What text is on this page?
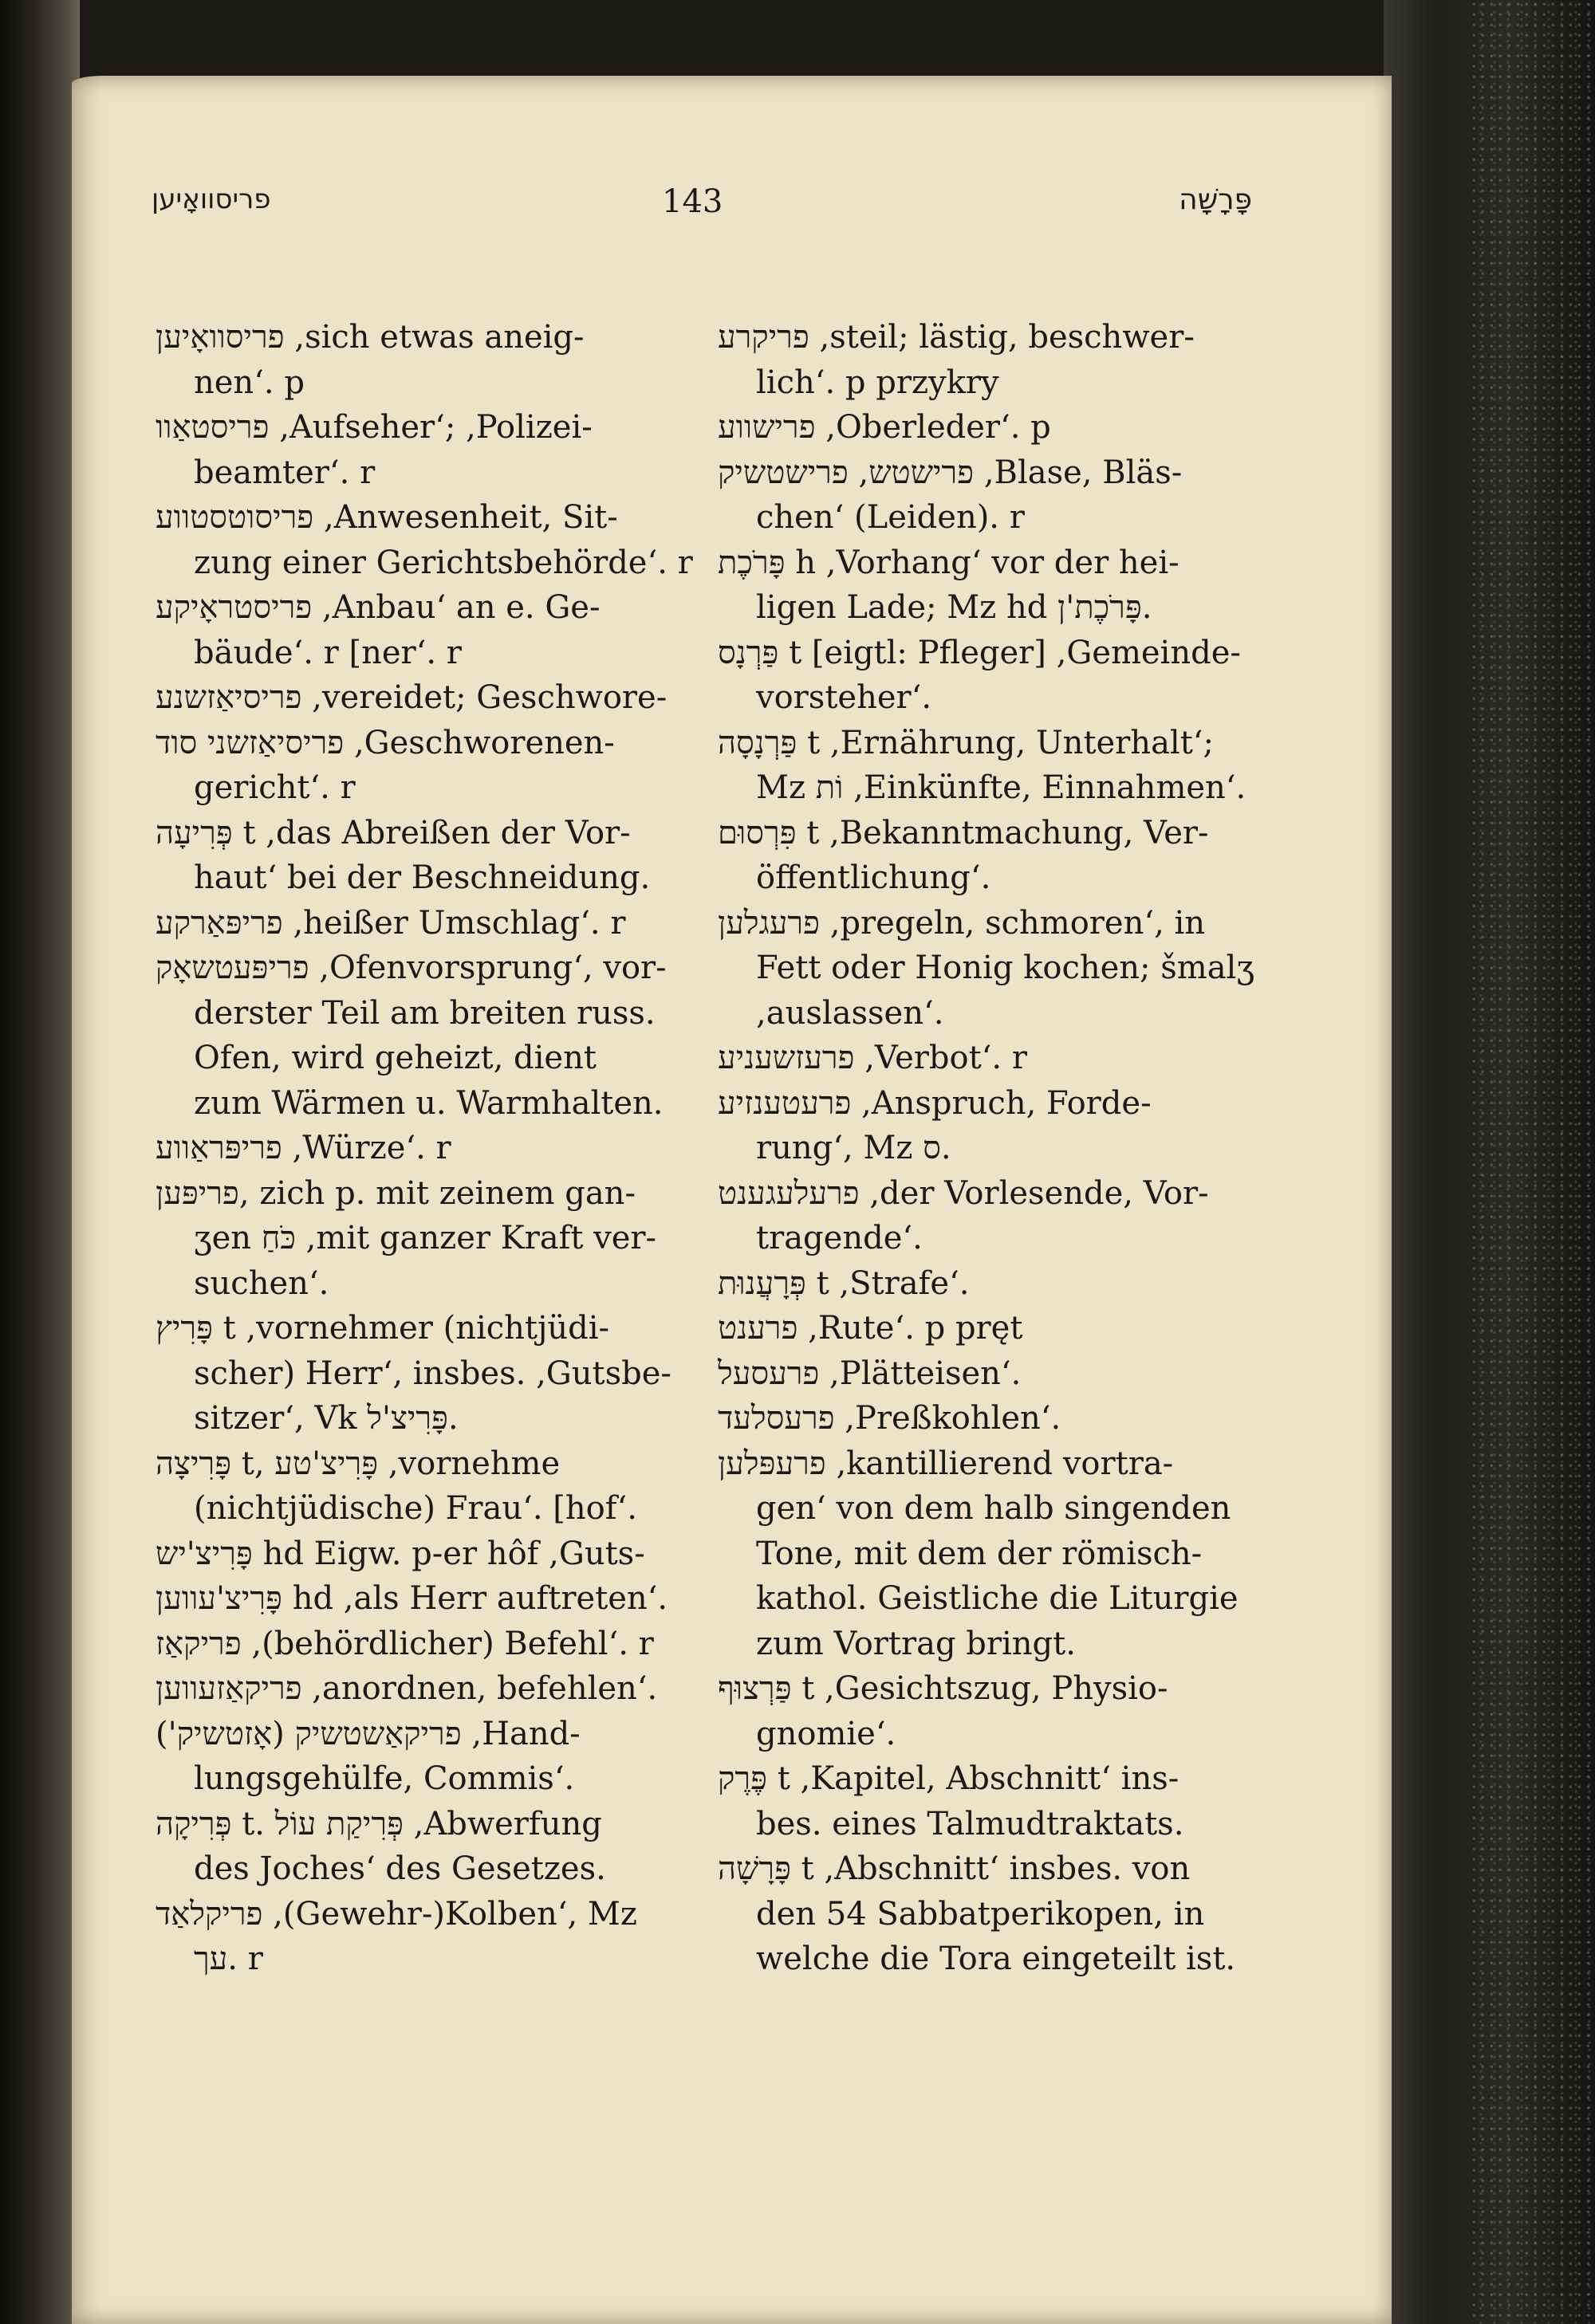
פריסוואָיען	143	פָּרָשָׁה
פריסוואָיען ,sich etwas aneig-
nen‘. p
פריסטאַוו ,Aufseher‘; ,Polizei-
beamter‘. r
פריסוטסטווע ,Anwesenheit, Sit-
zung einer Gerichtsbehörde‘. r
פריסטראָיקע ,Anbau‘ an e. Ge-
bäude‘. r [ner‘. r
פריסיאַזשנע ,vereidet; Geschwore-
פריסיאַזשני סוד ,Geschworenen-
gericht‘. r
פְּרִיעָה t ,das Abreißen der Vor-
haut‘ bei der Beschneidung.
פריפּאַרקע ,heißer Umschlag‘. r
פריפּעטשאָק ,Ofenvorsprung‘, vor-
derster Teil am breiten russ.
Ofen, wird geheizt, dient
zum Wärmen u. Warmhalten.
פריפּראַווע ,Würze‘. r
פריפּען, zich p. mit zeinem gan-
ʒen כֹּחַ ,mit ganzer Kraft ver-
suchen‘.
פָּרִיץ t ,vornehmer (nichtjüdi-
scher) Herr‘, insbes. ,Gutsbe-
sitzer‘, Vk פָּרִיצ'ל.
פָּרִיצָה t, פָּרִיצ'טע ,vornehme
(nichtjüdische) Frau‘. [hof‘.
פָּרִיצ'יש hd Eigw. p-er hôf ,Guts-
פָּרִיצ'עווען hd ,als Herr auftreten‘.
פריקאַז ,(behördlicher) Befehl‘. r
פריקאַזעווען ,anordnen, befehlen‘.
פריקאַשטשיק (אָזטשיק') ,Hand-
lungsgehülfe, Commis‘.
פְּרִיקָה t. פְּרִיקַת עוֹל ,Abwerfung
des Joches‘ des Gesetzes.
פריקלאַד ,(Gewehr-)Kolben‘, Mz
עך. r
פריקרע ,steil; lästig, beschwer-
lich‘. p przykry
פרישווע ,Oberleder‘. p
פרישטש, פרישטשיק ,Blase, Bläs-
chen‘ (Leiden). r
פָּרֹכֶת h ,Vorhang‘ vor der hei-
ligen Lade; Mz hd פָּרֹכֶת'ן.
פַּרְנָס t [eigtl: Pfleger] ,Gemeinde-
vorsteher‘.
פַּרְנָסָה t ,Ernährung, Unterhalt‘;
Mz וֹת ,Einkünfte, Einnahmen‘.
פִּרְסוּם t ,Bekanntmachung, Ver-
öffentlichung‘.
פרעגלען ,pregeln, schmoren‘, in
Fett oder Honig kochen; šmalʒ
,auslassen‘.
פרעזשעניע ,Verbot‘. r
פרעטענזיע ,Anspruch, Forde-
rung‘, Mz ס.
פרעלעגענט ,der Vorlesende, Vor-
tragende‘.
פְּרָעֲנוּת t ,Strafe‘.
פרענט ,Rute‘. p pręt
פרעסעל ,Plätteisen‘.
פרעסלעד ,Preßkohlen‘.
פרעפּלען ,kantillierend vortra-
gen‘ von dem halb singenden
Tone, mit dem der römisch-
kathol. Geistliche die Liturgie
zum Vortrag bringt.
פַּרְצוּף t ,Gesichtszug, Physio-
gnomie‘.
פֶּרֶק t ,Kapitel, Abschnitt‘ ins-
bes. eines Talmudtraktats.
פָּרָשָׁה t ,Abschnitt‘ insbes. von
den 54 Sabbatperikopen, in
welche die Tora eingeteilt ist.
